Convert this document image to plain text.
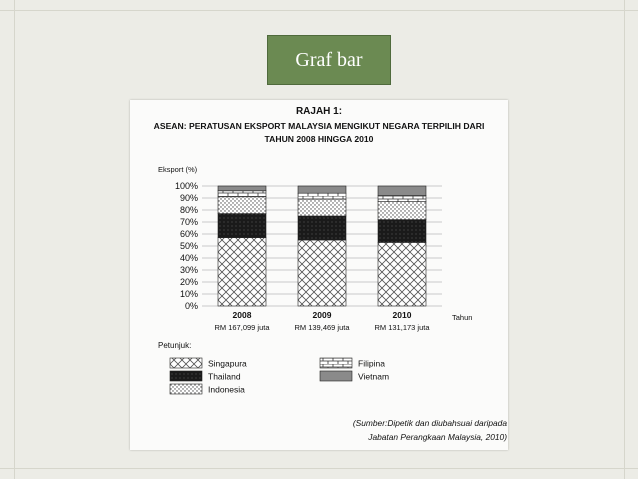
Graf bar
RAJAH 1:
ASEAN: PERATUSAN EKSPORT MALAYSIA MENGIKUT NEGARA TERPILIH DARI
TAHUN 2008 HINGGA 2010
Eksport (%)
Tahun
0%
10%
20%
30%
40%
50%
60%
70%
80%
90%
100%
2008
RM 167,099 juta
2009
RM 139,469 juta
2010
RM 131,173 juta
Petunjuk:
Singapura
Thailand
Indonesia
Filipina
Vietnam
(Sumber:Dipetik dan diubahsuai daripada
Jabatan Perangkaan Malaysia, 2010)
